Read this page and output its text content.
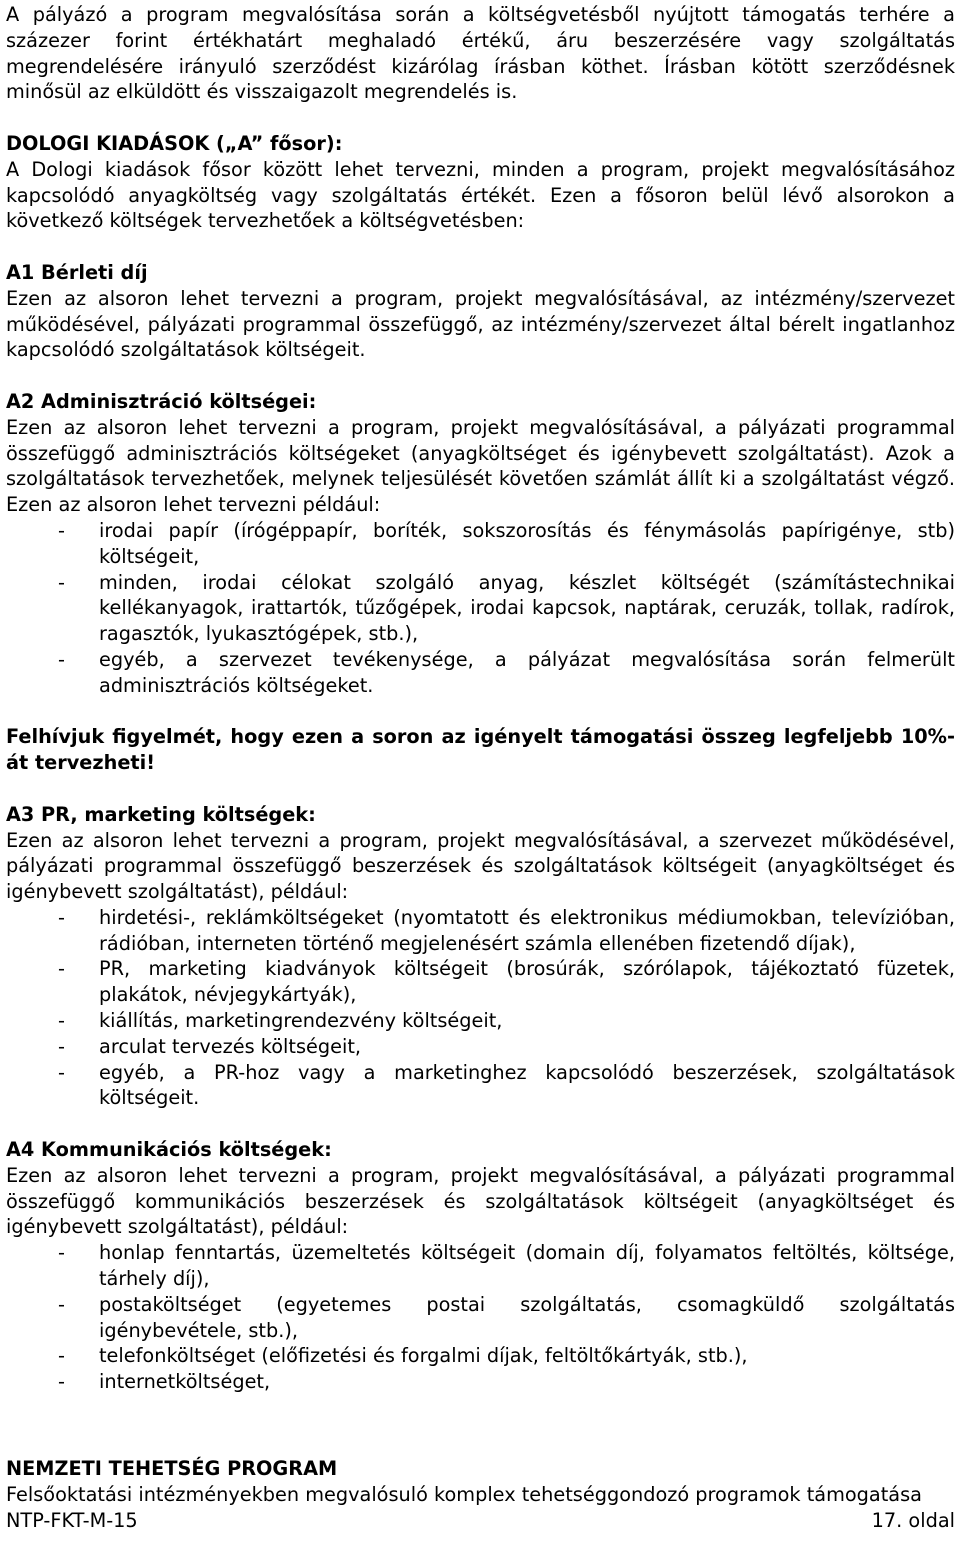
A pályázó a program megvalósítása során a költségvetésből nyújtott támogatás terhére a százezer forint értékhatárt meghaladó értékű, áru beszerzésére vagy szolgáltatás megrendelésére irányuló szerződést kizárólag írásban köthet. Írásban kötött szerződésnek minősül az elküldött és visszaigazolt megrendelés is.

DOLOGI KIADÁSOK („A” fősor):

A Dologi kiadások fősor között lehet tervezni, minden a program, projekt megvalósításához kapcsolódó anyagköltség vagy szolgáltatás értékét. Ezen a fősoron belül lévő alsorokon a következő költségek tervezhetőek a költségvetésben:

A1 Bérleti díj

Ezen az alsoron lehet tervezni a program, projekt megvalósításával, az intézmény/szervezet működésével, pályázati programmal összefüggő, az intézmény/szervezet által bérelt ingatlanhoz kapcsolódó szolgáltatások költségeit.

A2 Adminisztráció költségei:

Ezen az alsoron lehet tervezni a program, projekt megvalósításával, a pályázati programmal összefüggő adminisztrációs költségeket (anyagköltséget és igénybevett szolgáltatást). Azok a szolgáltatások tervezhetőek, melynek teljesülését követően számlát állít ki a szolgáltatást végző. Ezen az alsoron lehet tervezni például:

- irodai papír (írógéppapír, boríték, sokszorosítás és fénymásolás papírigénye, stb) költségeit,
- minden, irodai célokat szolgáló anyag, készlet költségét (számítástechnikai kellékanyagok, irattartók, tűzőgépek, irodai kapcsok, naptárak, ceruzák, tollak, radírok, ragasztók, lyukasztógépek, stb.),
- egyéb, a szervezet tevékenysége, a pályázat megvalósítása során felmerült adminisztrációs költségeket.

Felhívjuk figyelmét, hogy ezen a soron az igényelt támogatási összeg legfeljebb 10%-át tervezheti!

A3 PR, marketing költségek:

Ezen az alsoron lehet tervezni a program, projekt megvalósításával, a szervezet működésével, pályázati programmal összefüggő beszerzések és szolgáltatások költségeit (anyagköltséget és igénybevett szolgáltatást), például:

- hirdetési-, reklámköltségeket (nyomtatott és elektronikus médiumokban, televízióban, rádióban, interneten történő megjelenésért számla ellenében fizetendő díjak),
- PR, marketing kiadványok költségeit (brosúrák, szórólapok, tájékoztató füzetek, plakátok, névjegykártyák),
- kiállítás, marketingrendezvény költségeit,
- arculat tervezés költségeit,
- egyéb, a PR-hoz vagy a marketinghez kapcsolódó beszerzések, szolgáltatások költségeit.

A4 Kommunikációs költségek:

Ezen az alsoron lehet tervezni a program, projekt megvalósításával, a pályázati programmal összefüggő kommunikációs beszerzések és szolgáltatások költségeit (anyagköltséget és igénybevett szolgáltatást), például:

- honlap fenntartás, üzemeltetés költségeit (domain díj, folyamatos feltöltés, költsége, tárhely díj),
- postaköltséget (egyetemes postai szolgáltatás, csomagküldő szolgáltatás igénybevétele, stb.),
- telefonköltséget (előfizetési és forgalmi díjak, feltöltőkártyák, stb.),
- internetköltséget,

NEMZETI TEHETSÉG PROGRAM

Felsőoktatási intézményekben megvalósuló komplex tehetséggondozó programok támogatása

NTP-FKT-M-15	17. oldal
